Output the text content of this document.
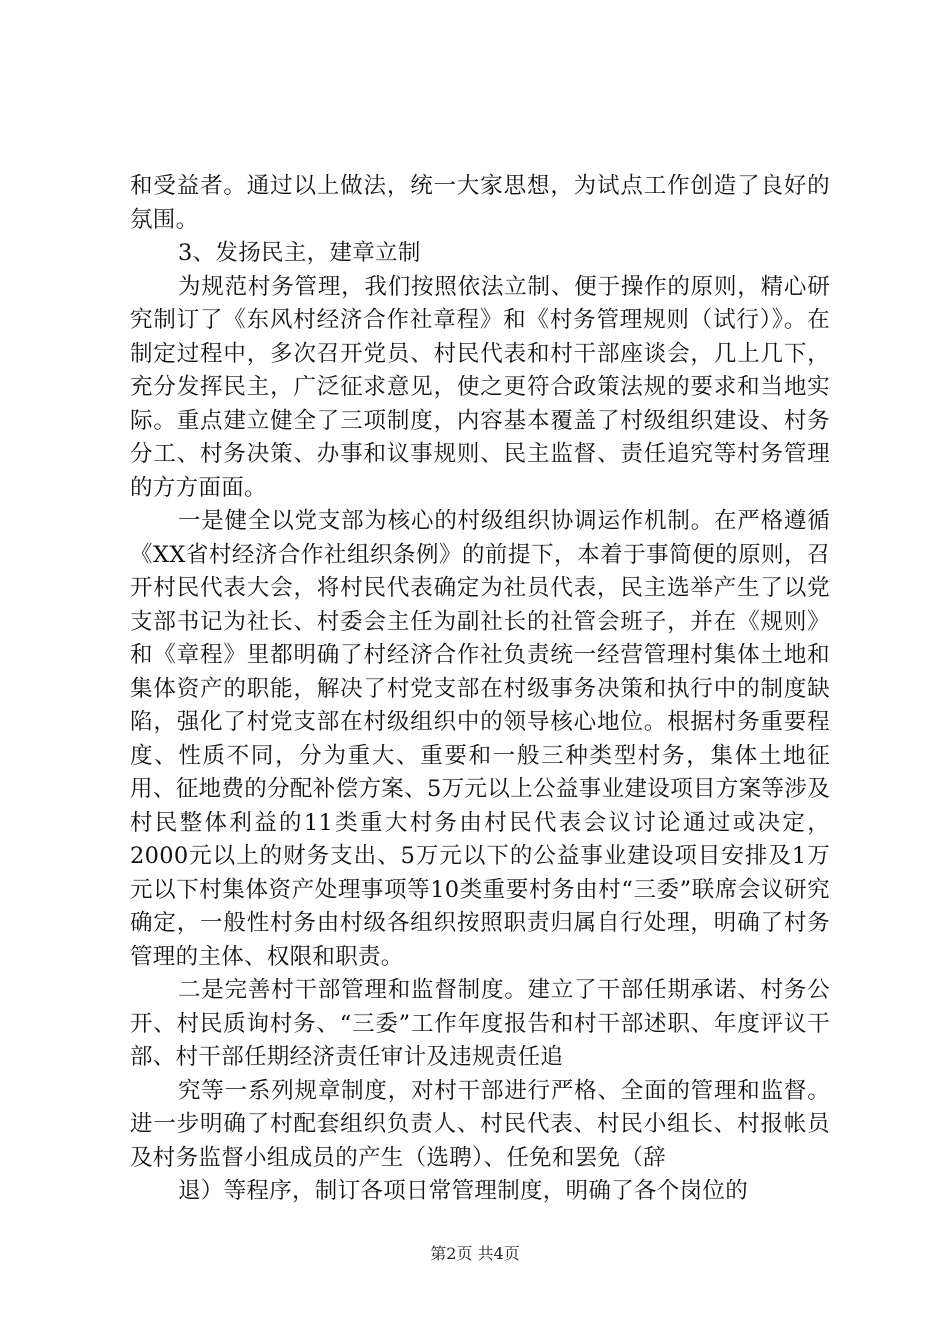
和受益者。通过以上做法，统一大家思想，为试点工作创造了良好的氛围。

3、发扬民主，建章立制

为规范村务管理，我们按照依法立制、便于操作的原则，精心研究制订了《东风村经济合作社章程》和《村务管理规则（试行）》。在制定过程中，多次召开党员、村民代表和村干部座谈会，几上几下，充分发挥民主，广泛征求意见，使之更符合政策法规的要求和当地实际。重点建立健全了三项制度，内容基本覆盖了村级组织建设、村务分工、村务决策、办事和议事规则、民主监督、责任追究等村务管理的方方面面。

一是健全以党支部为核心的村级组织协调运作机制。在严格遵循《XX省村经济合作社组织条例》的前提下，本着于事简便的原则，召开村民代表大会，将村民代表确定为社员代表，民主选举产生了以党支部书记为社长、村委会主任为副社长的社管会班子，并在《规则》和《章程》里都明确了村经济合作社负责统一经营管理村集体土地和集体资产的职能，解决了村党支部在村级事务决策和执行中的制度缺陷，强化了村党支部在村级组织中的领导核心地位。根据村务重要程度、性质不同，分为重大、重要和一般三种类型村务，集体土地征用、征地费的分配补偿方案、5万元以上公益事业建设项目方案等涉及村民整体利益的11类重大村务由村民代表会议讨论通过或决定，2000元以上的财务支出、5万元以下的公益事业建设项目安排及1万元以下村集体资产处理事项等10类重要村务由村“三委”联席会议研究确定，一般性村务由村级各组织按照职责归属自行处理，明确了村务管理的主体、权限和职责。

二是完善村干部管理和监督制度。建立了干部任期承诺、村务公开、村民质询村务、“三委”工作年度报告和村干部述职、年度评议干部、村干部任期经济责任审计及违规责任追

究等一系列规章制度，对村干部进行严格、全面的管理和监督。进一步明确了村配套组织负责人、村民代表、村民小组长、村报帐员及村务监督小组成员的产生（选聘）、任免和罢免（辞

退）等程序，制订各项日常管理制度，明确了各个岗位的

第2页 共4页
